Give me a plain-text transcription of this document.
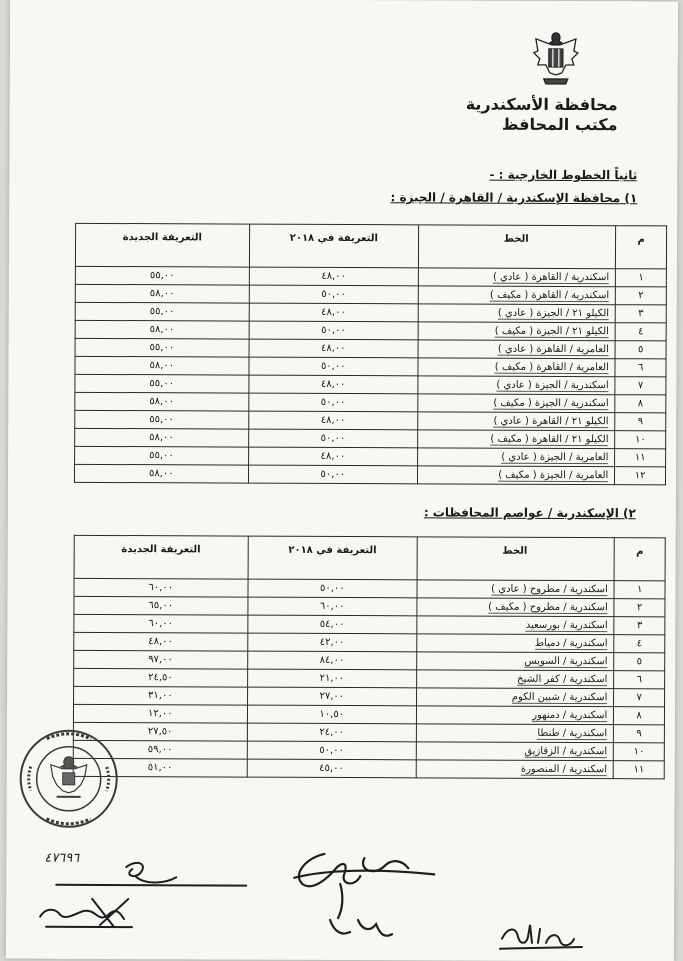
محافظة الأسكندرية
مكتب المحافظ
ثانياً الخطوط الخارجية : -
١) محافظة الإسكندرية / القاهرة / الجيزة :
م	الخط	التعريفة في ٢٠١٨	التعريفة الجديدة
١	اسكندرية / القاهرة ( عادي )	٤٨,٠٠	٥٥,٠٠
٢	اسكندرية / القاهرة ( مكيف )	٥٠,٠٠	٥٨,٠٠
٣	الكيلو ٢١ / الجيزة ( عادي )	٤٨,٠٠	٥٥,٠٠
٤	الكيلو ٢١ / الجيزة ( مكيف )	٥٠,٠٠	٥٨,٠٠
٥	العامرية / القاهرة ( عادي )	٤٨,٠٠	٥٥,٠٠
٦	العامرية / القاهرة ( مكيف )	٥٠,٠٠	٥٨,٠٠
٧	اسكندرية / الجيزة ( عادي )	٤٨,٠٠	٥٥,٠٠
٨	اسكندرية / الجيزة ( مكيف )	٥٠,٠٠	٥٨,٠٠
٩	الكيلو ٢١ / القاهرة ( عادي )	٤٨,٠٠	٥٥,٠٠
١٠	الكيلو ٢١ / القاهرة ( مكيف )	٥٠,٠٠	٥٨,٠٠
١١	العامرية / الجيزة ( عادي )	٤٨,٠٠	٥٥,٠٠
١٢	العامرية / الجيزة ( مكيف )	٥٠,٠٠	٥٨,٠٠
٢) الإسكندرية / عواصم المحافظات :
م	الخط	التعريفة في ٢٠١٨	التعريفة الجديدة
١	اسكندرية / مطروح ( عادي )	٥٠,٠٠	٦٠,٠٠
٢	اسكندرية / مطروح ( مكيف )	٦٠,٠٠	٦٥,٠٠
٣	اسكندرية / بورسعيد	٥٤,٠٠	٦٠,٠٠
٤	اسكندرية / دمياط	٤٢,٠٠	٤٨,٠٠
٥	اسكندرية / السويس	٨٤,٠٠	٩٧,٠٠
٦	اسكندرية / كفر الشيخ	٢١,٠٠	٢٤,٥٠
٧	اسكندرية / شبين الكوم	٢٧,٠٠	٣١,٠٠
٨	اسكندرية / دمنهور	١٠,٥٠	١٢,٠٠
٩	اسكندرية / طنطا	٢٤,٠٠	٢٧,٥٠
١٠	اسكندرية / الزقازيق	٥٠,٠٠	٥٩,٠٠
١١	اسكندرية / المنصورة	٤٥,٠٠	٥١,٠٠
٤٧٦٩٦
